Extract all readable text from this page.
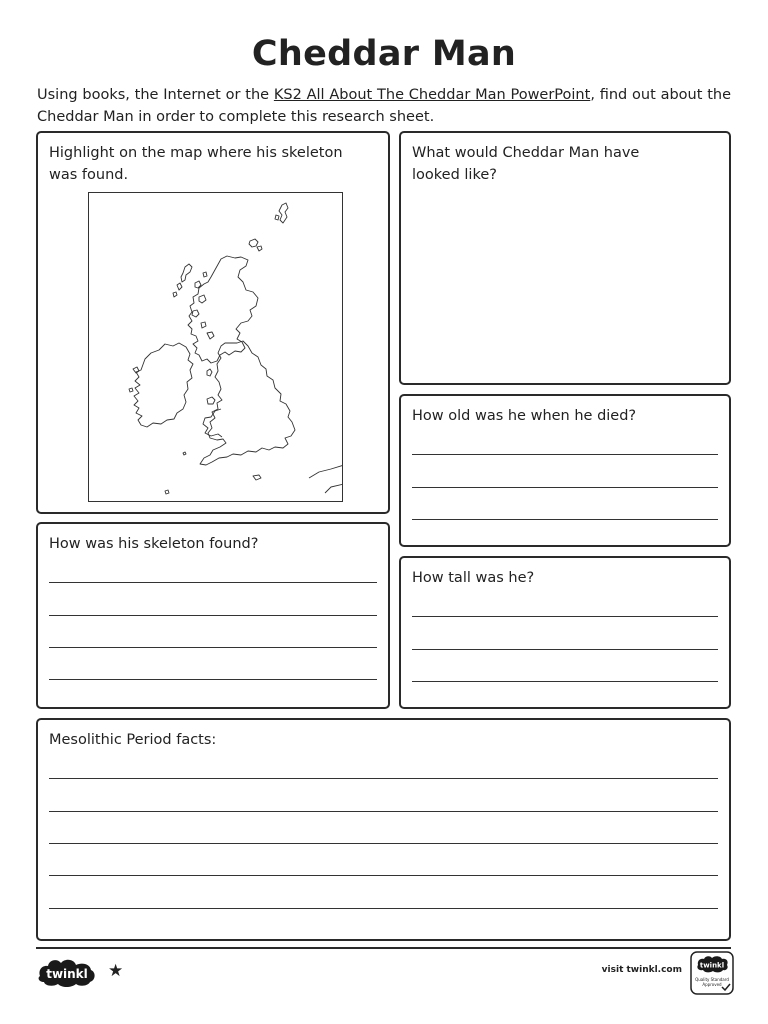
Cheddar Man
Using books, the Internet or the KS2 All About The Cheddar Man PowerPoint, find out about the Cheddar Man in order to complete this research sheet.
Highlight on the map where his skeleton was found.
What would Cheddar Man have looked like?
How old was he when he died?
How was his skeleton found?
How tall was he?
Mesolithic Period facts:
twinkl ★	visit twinkl.com	twinkl
Quality Standard
Approved
